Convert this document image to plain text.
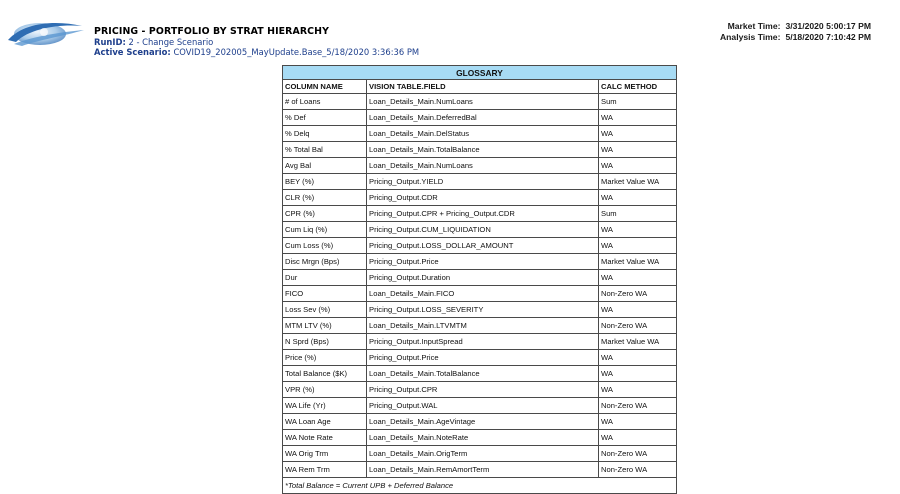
PRICING - PORTFOLIO BY STRAT HIERARCHY
RunID: 2 - Change Scenario
Active Scenario: COVID19_202005_MayUpdate.Base_5/18/2020 3:36:36 PM
Market Time: 3/31/2020 5:00:17 PM
Analysis Time: 5/18/2020 7:10:42 PM
GLOSSARY		
COLUMN NAME	VISION TABLE.FIELD	CALC METHOD
# of Loans	Loan_Details_Main.NumLoans	Sum
% Def	Loan_Details_Main.DeferredBal	WA
% Delq	Loan_Details_Main.DelStatus	WA
% Total Bal	Loan_Details_Main.TotalBalance	WA
Avg Bal	Loan_Details_Main.NumLoans	WA
BEY (%)	Pricing_Output.YIELD	Market Value WA
CLR (%)	Pricing_Output.CDR	WA
CPR (%)	Pricing_Output.CPR + Pricing_Output.CDR	Sum
Cum Liq (%)	Pricing_Output.CUM_LIQUIDATION	WA
Cum Loss (%)	Pricing_Output.LOSS_DOLLAR_AMOUNT	WA
Disc Mrgn (Bps)	Pricing_Output.Price	Market Value WA
Dur	Pricing_Output.Duration	WA
FICO	Loan_Details_Main.FICO	Non-Zero WA
Loss Sev (%)	Pricing_Output.LOSS_SEVERITY	WA
MTM LTV (%)	Loan_Details_Main.LTVMTM	Non-Zero WA
N Sprd (Bps)	Pricing_Output.InputSpread	Market Value WA
Price (%)	Pricing_Output.Price	WA
Total Balance ($K)	Loan_Details_Main.TotalBalance	WA
VPR (%)	Pricing_Output.CPR	WA
WA Life (Yr)	Pricing_Output.WAL	Non-Zero WA
WA Loan Age	Loan_Details_Main.AgeVintage	WA
WA Note Rate	Loan_Details_Main.NoteRate	WA
WA Orig Trm	Loan_Details_Main.OrigTerm	Non-Zero WA
WA Rem Trm	Loan_Details_Main.RemAmortTerm	Non-Zero WA
*Total Balance = Current UPB + Deferred Balance		
